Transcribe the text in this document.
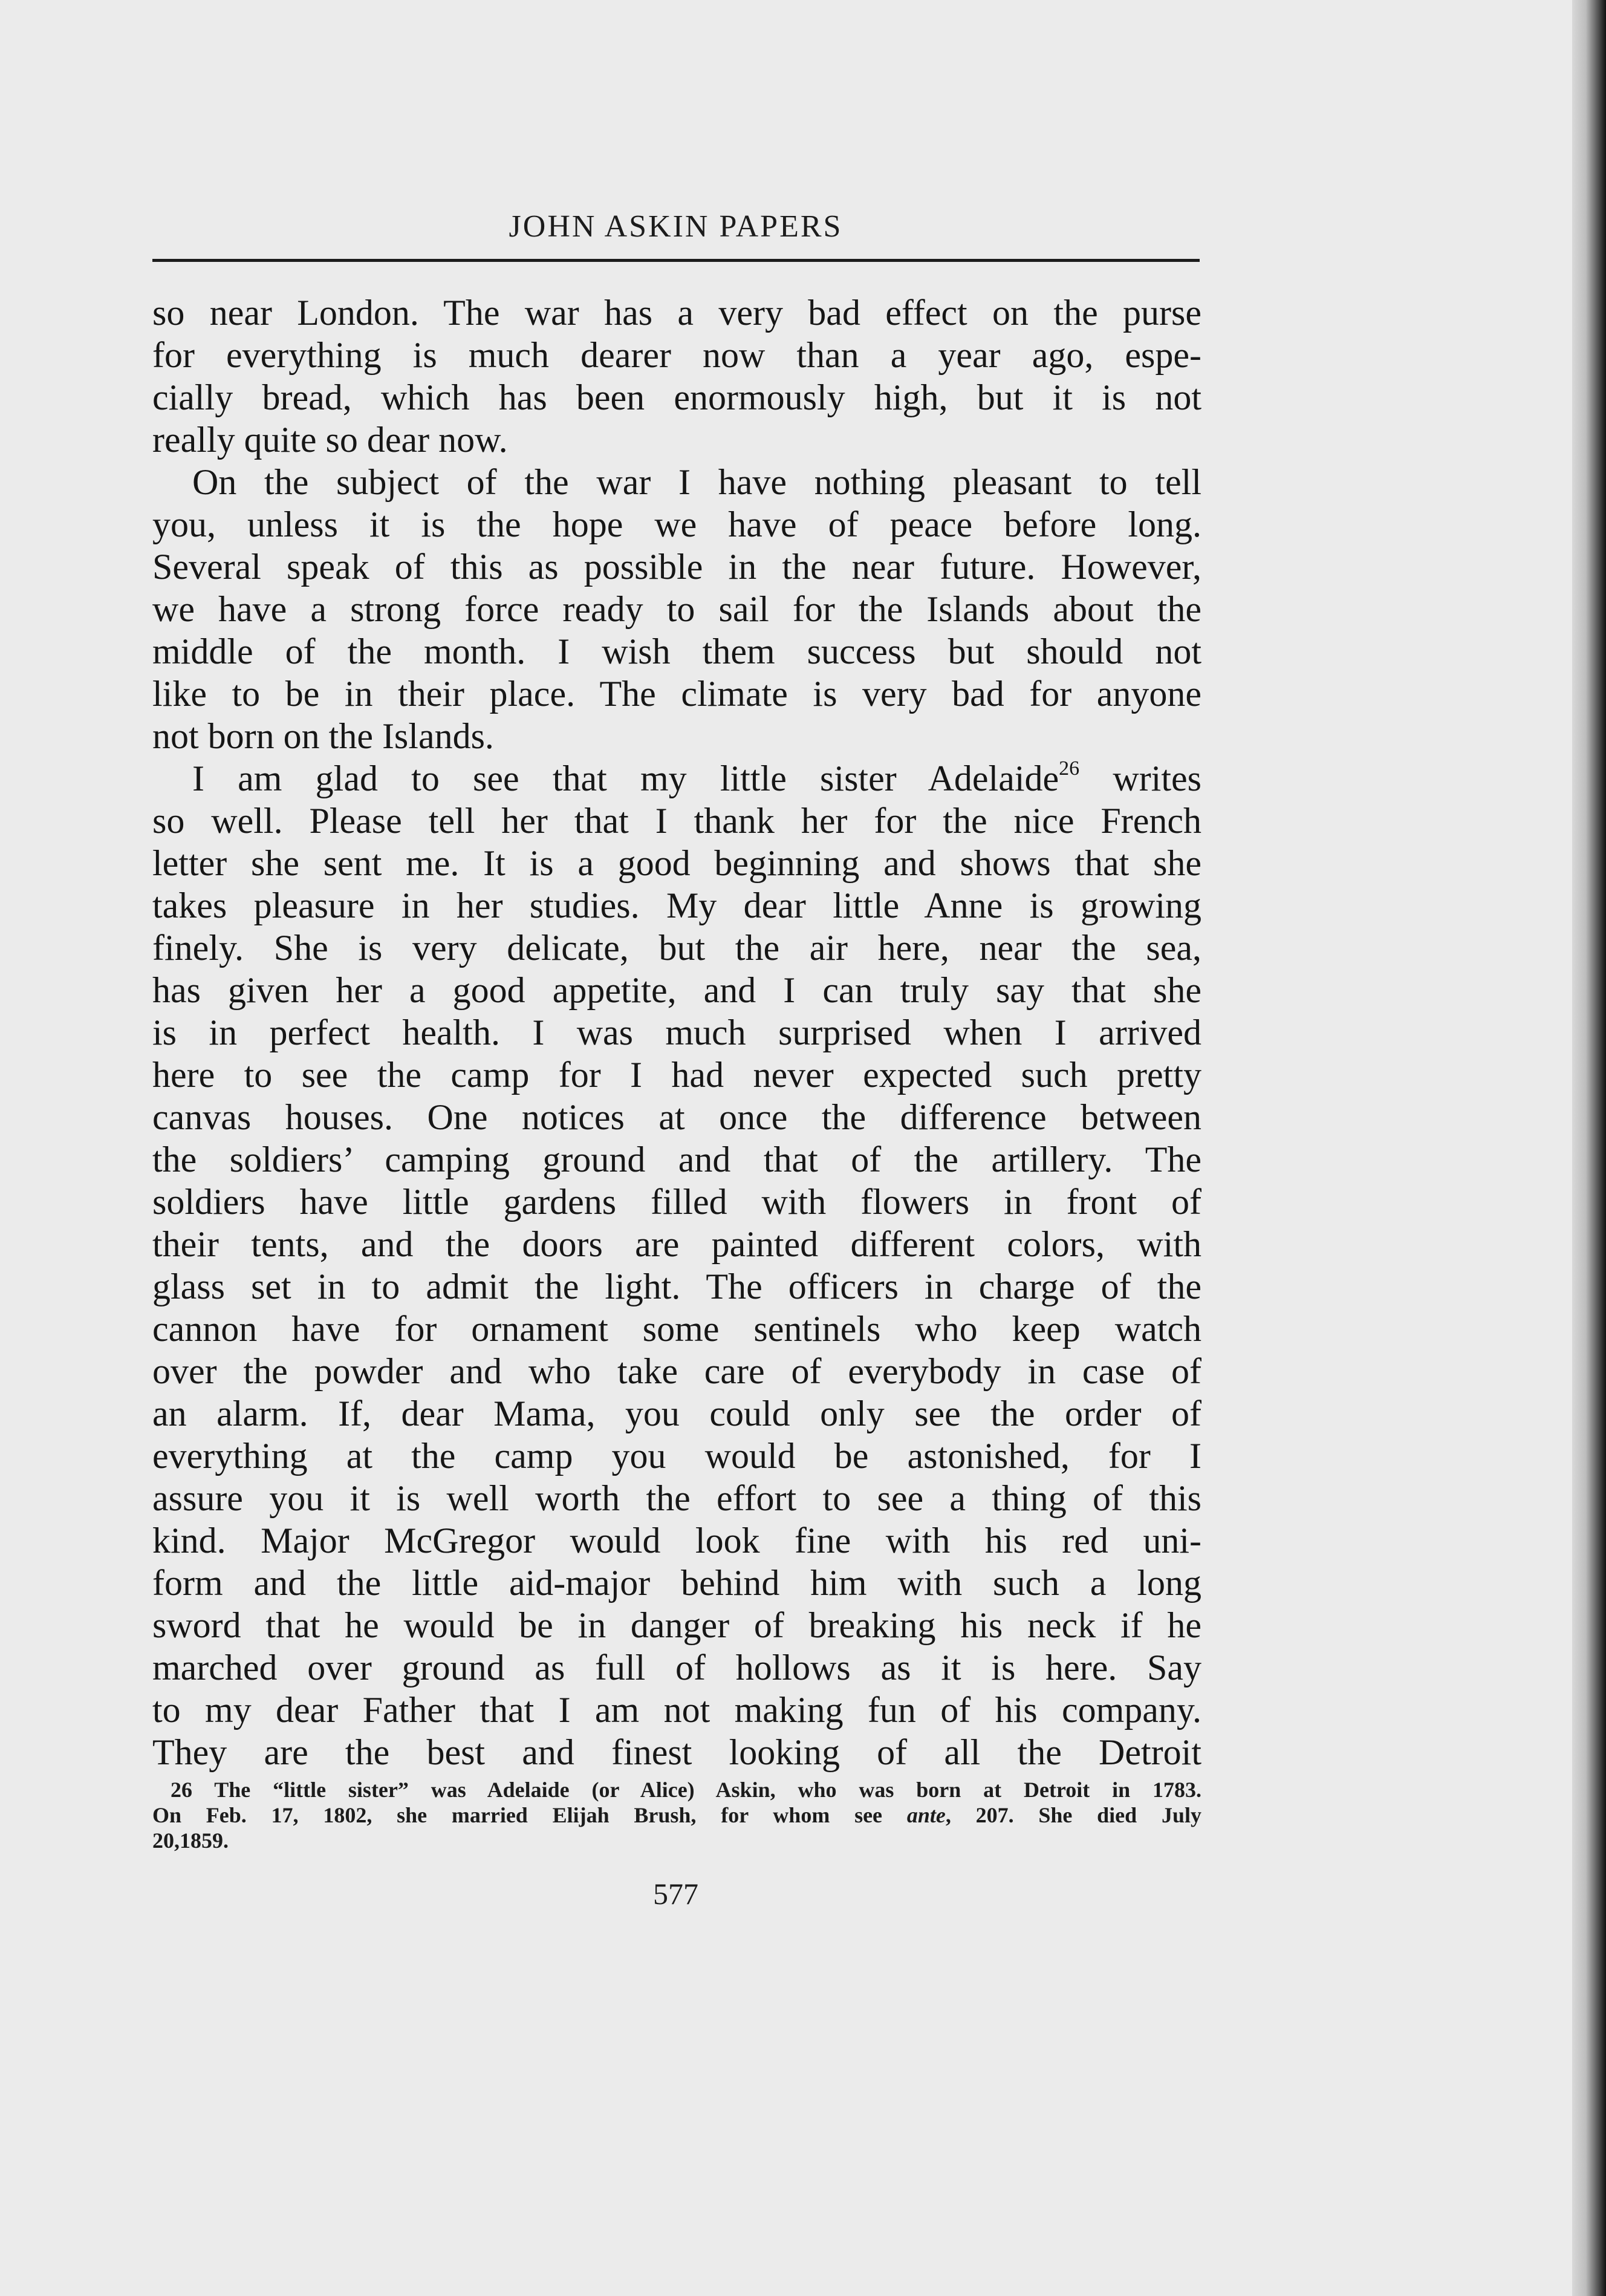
JOHN ASKIN PAPERS
so near London. The war has a very bad effect on the purse
for everything is much dearer now than a year ago, espe-
cially bread, which has been enormously high, but it is not
really quite so dear now.
On the subject of the war I have nothing pleasant to tell
you, unless it is the hope we have of peace before long.
Several speak of this as possible in the near future. However,
we have a strong force ready to sail for the Islands about the
middle of the month. I wish them success but should not
like to be in their place. The climate is very bad for anyone
not born on the Islands.
I am glad to see that my little sister Adelaide$^{26}$ writes
so well. Please tell her that I thank her for the nice French
letter she sent me. It is a good beginning and shows that she
takes pleasure in her studies. My dear little Anne is growing
finely. She is very delicate, but the air here, near the sea,
has given her a good appetite, and I can truly say that she
is in perfect health. I was much surprised when I arrived
here to see the camp for I had never expected such pretty
canvas houses. One notices at once the difference between
the soldiers’ camping ground and that of the artillery. The
soldiers have little gardens filled with flowers in front of
their tents, and the doors are painted different colors, with
glass set in to admit the light. The officers in charge of the
cannon have for ornament some sentinels who keep watch
over the powder and who take care of everybody in case of
an alarm. If, dear Mama, you could only see the order of
everything at the camp you would be astonished, for I
assure you it is well worth the effort to see a thing of this
kind. Major McGregor would look fine with his red uni-
form and the little aid-major behind him with such a long
sword that he would be in danger of breaking his neck if he
marched over ground as full of hollows as it is here. Say
to my dear Father that I am not making fun of his company.
They are the best and finest looking of all the Detroit
26 The “little sister” was Adelaide (or Alice) Askin, who was born at Detroit in 1783.
On Feb. 17, 1802, she married Elijah Brush, for whom see ante, 207. She died July
20,1859.
577
